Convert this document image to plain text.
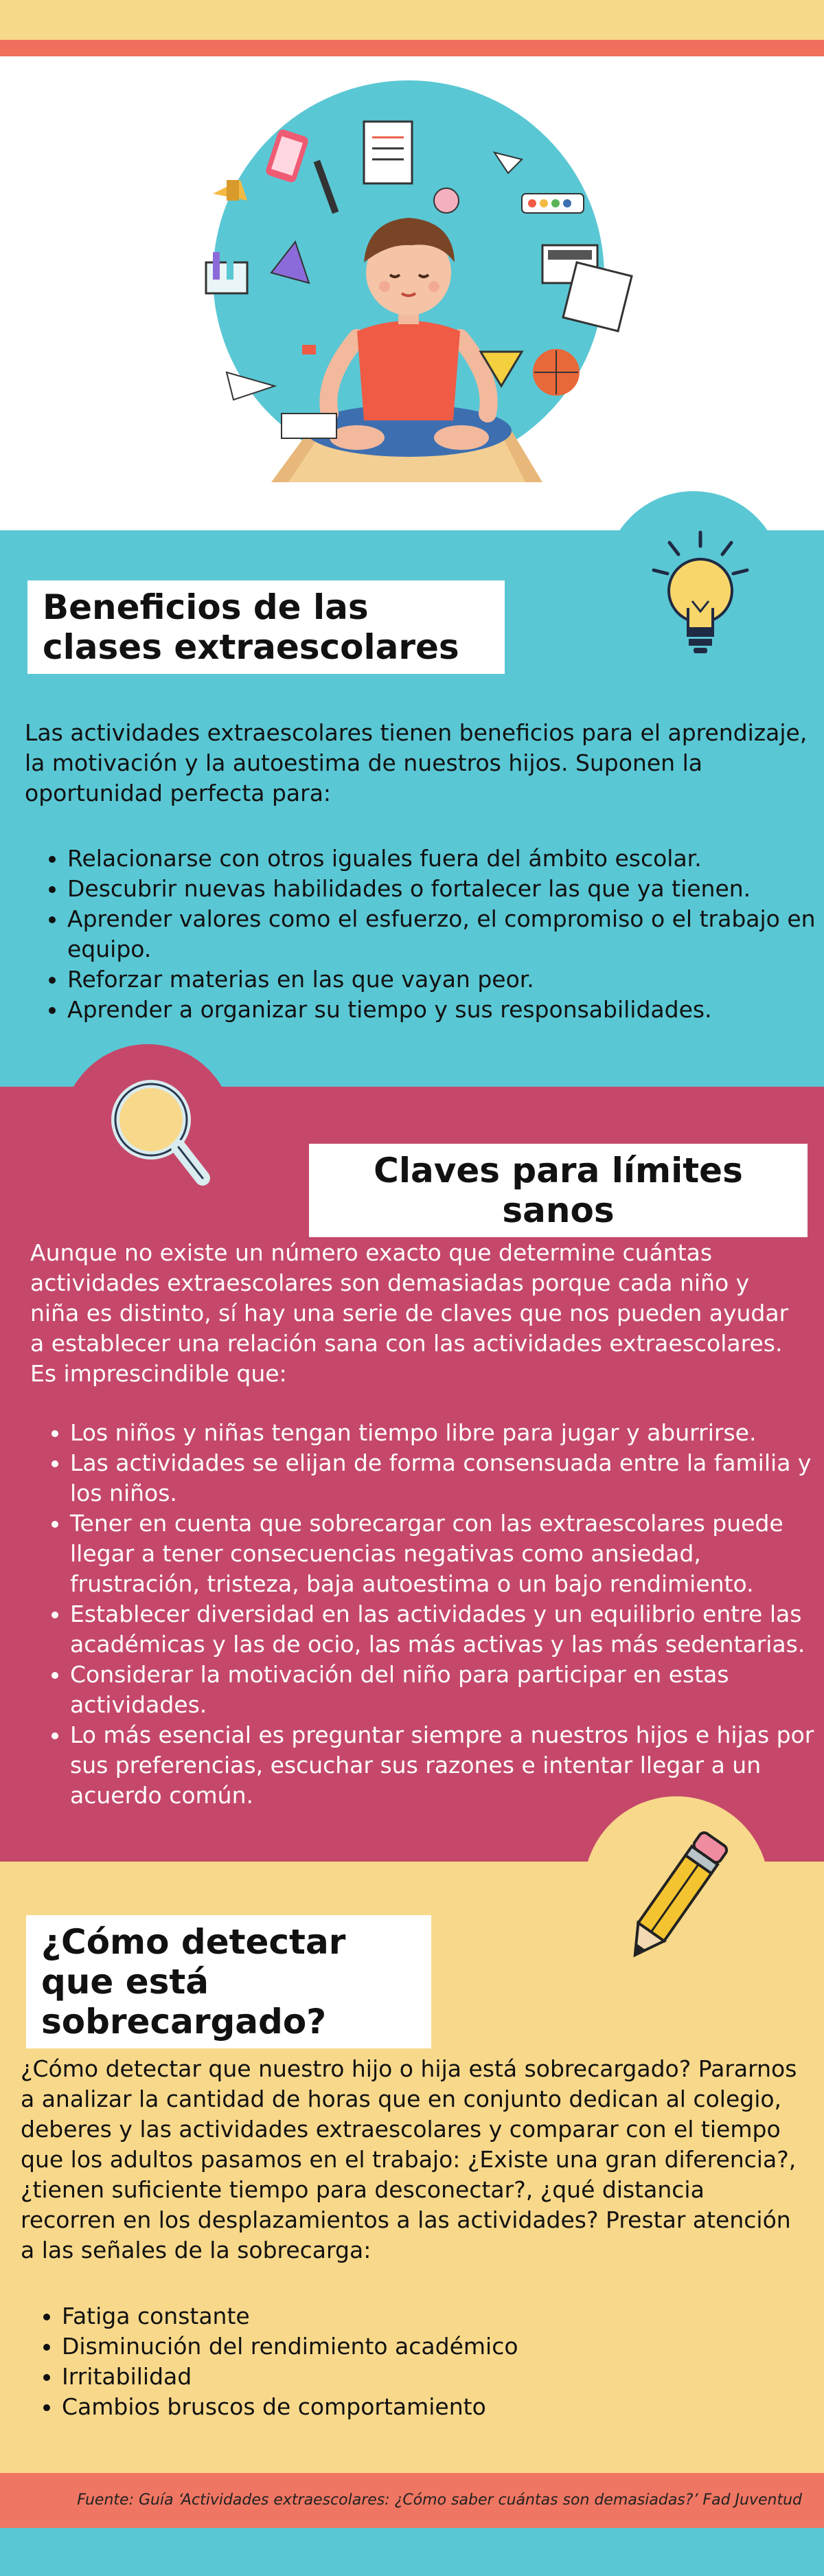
Beneficios de las clases extraescolares

Las actividades extraescolares tienen beneficios para el aprendizaje, la motivación y la autoestima de nuestros hijos. Suponen la oportunidad perfecta para:

• Relacionarse con otros iguales fuera del ámbito escolar.
• Descubrir nuevas habilidades o fortalecer las que ya tienen.
• Aprender valores como el esfuerzo, el compromiso o el trabajo en equipo.
• Reforzar materias en las que vayan peor.
• Aprender a organizar su tiempo y sus responsabilidades.
Claves para límites sanos

Aunque no existe un número exacto que determine cuántas actividades extraescolares son demasiadas porque cada niño y niña es distinto, sí hay una serie de claves que nos pueden ayudar a establecer una relación sana con las actividades extraescolares.

Es imprescindible que:

• Los niños y niñas tengan tiempo libre para jugar y aburrirse.
• Las actividades se elijan de forma consensuada entre la familia y los niños.
• Tener en cuenta que sobrecargar con las extraescolares puede llegar a tener consecuencias negativas como ansiedad, frustración, tristeza, baja autoestima o un bajo rendimiento.
• Establecer diversidad en las actividades y un equilibrio entre las académicas y las de ocio, las más activas y las más sedentarias.
• Considerar la motivación del niño para participar en estas actividades.
• Lo más esencial es preguntar siempre a nuestros hijos e hijas por sus preferencias, escuchar sus razones e intentar llegar a un acuerdo común.
¿Cómo detectar que está sobrecargado?

¿Cómo detectar que nuestro hijo o hija está sobrecargado? Pararnos a analizar la cantidad de horas que en conjunto dedican al colegio, deberes y las actividades extraescolares y comparar con el tiempo que los adultos pasamos en el trabajo: ¿Existe una gran diferencia?, ¿tienen suficiente tiempo para desconectar?, ¿qué distancia recorren en los desplazamientos a las actividades? Prestar atención a las señales de la sobrecarga:

• Fatiga constante
• Disminución del rendimiento académico
• Irritabilidad
• Cambios bruscos de comportamiento
Fuente: Guía ‘Actividades extraescolares: ¿Cómo saber cuántas son demasiadas?’ Fad Juventud
